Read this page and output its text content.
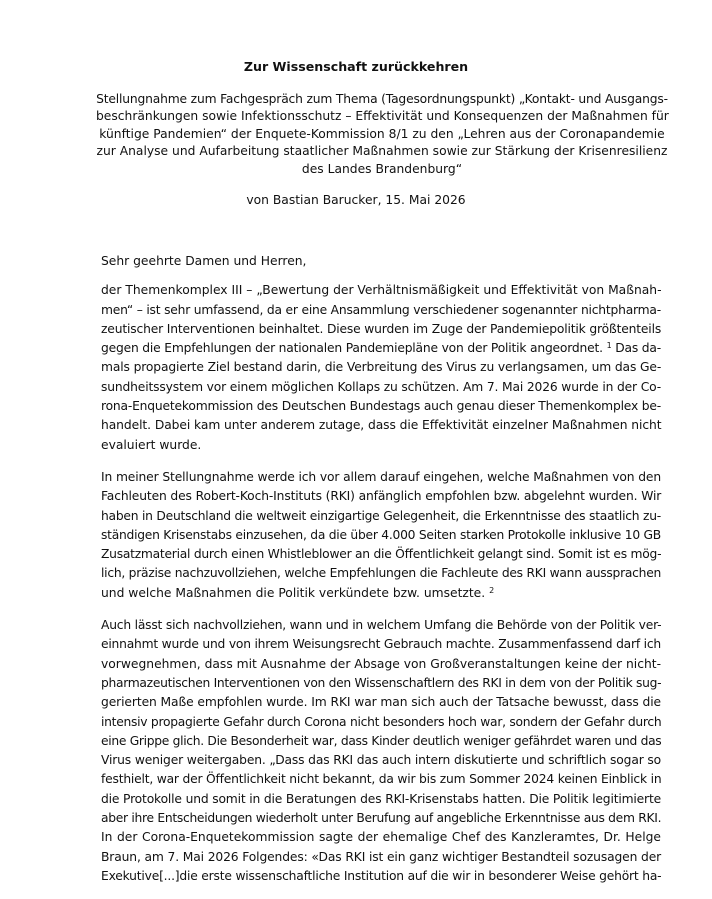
Zur Wissenschaft zurückkehren
Stellungnahme zum Fachgespräch zum Thema (Tagesordnungspunkt) „Kontakt- und Ausgangs-
beschränkungen sowie Infektionsschutz – Effektivität und Konsequenzen der Maßnahmen für
künftige Pandemien“ der Enquete-Kommission 8/1 zu den „Lehren aus der Coronapandemie
zur Analyse und Aufarbeitung staatlicher Maßnahmen sowie zur Stärkung der Krisenresilienz
des Landes Brandenburg“
von Bastian Barucker, 15. Mai 2026
Sehr geehrte Damen und Herren,
der Themenkomplex III – „Bewertung der Verhältnismäßigkeit und Effektivität von Maßnah-
men“ – ist sehr umfassend, da er eine Ansammlung verschiedener sogenannter nichtpharma-
zeutischer Interventionen beinhaltet. Diese wurden im Zuge der Pandemiepolitik größtenteils
gegen die Empfehlungen der nationalen Pandemiepläne von der Politik angeordnet. $^1$ Das da-
mals propagierte Ziel bestand darin, die Verbreitung des Virus zu verlangsamen, um das Ge-
sundheitssystem vor einem möglichen Kollaps zu schützen. Am 7. Mai 2026 wurde in der Co-
rona-Enquetekommission des Deutschen Bundestags auch genau dieser Themenkomplex be-
handelt. Dabei kam unter anderem zutage, dass die Effektivität einzelner Maßnahmen nicht
evaluiert wurde.
In meiner Stellungnahme werde ich vor allem darauf eingehen, welche Maßnahmen von den
Fachleuten des Robert-Koch-Instituts (RKI) anfänglich empfohlen bzw. abgelehnt wurden. Wir
haben in Deutschland die weltweit einzigartige Gelegenheit, die Erkenntnisse des staatlich zu-
ständigen Krisenstabs einzusehen, da die über 4.000 Seiten starken Protokolle inklusive 10 GB
Zusatzmaterial durch einen Whistleblower an die Öffentlichkeit gelangt sind. Somit ist es mög-
lich, präzise nachzuvollziehen, welche Empfehlungen die Fachleute des RKI wann aussprachen
und welche Maßnahmen die Politik verkündete bzw. umsetzte. $^2$
Auch lässt sich nachvollziehen, wann und in welchem Umfang die Behörde von der Politik ver-
einnahmt wurde und von ihrem Weisungsrecht Gebrauch machte. Zusammenfassend darf ich
vorwegnehmen, dass mit Ausnahme der Absage von Großveranstaltungen keine der nicht-
pharmazeutischen Interventionen von den Wissenschaftlern des RKI in dem von der Politik sug-
gerierten Maße empfohlen wurde. Im RKI war man sich auch der Tatsache bewusst, dass die
intensiv propagierte Gefahr durch Corona nicht besonders hoch war, sondern der Gefahr durch
eine Grippe glich. Die Besonderheit war, dass Kinder deutlich weniger gefährdet waren und das
Virus weniger weitergaben. „Dass das RKI das auch intern diskutierte und schriftlich sogar so
festhielt, war der Öffentlichkeit nicht bekannt, da wir bis zum Sommer 2024 keinen Einblick in
die Protokolle und somit in die Beratungen des RKI-Krisenstabs hatten. Die Politik legitimierte
aber ihre Entscheidungen wiederholt unter Berufung auf angebliche Erkenntnisse aus dem RKI.
In der Corona-Enquetekommission sagte der ehemalige Chef des Kanzleramtes, Dr. Helge
Braun, am 7. Mai 2026 Folgendes: «Das RKI ist ein ganz wichtiger Bestandteil sozusagen der
Exekutive[...]die erste wissenschaftliche Institution auf die wir in besonderer Weise gehört ha-
